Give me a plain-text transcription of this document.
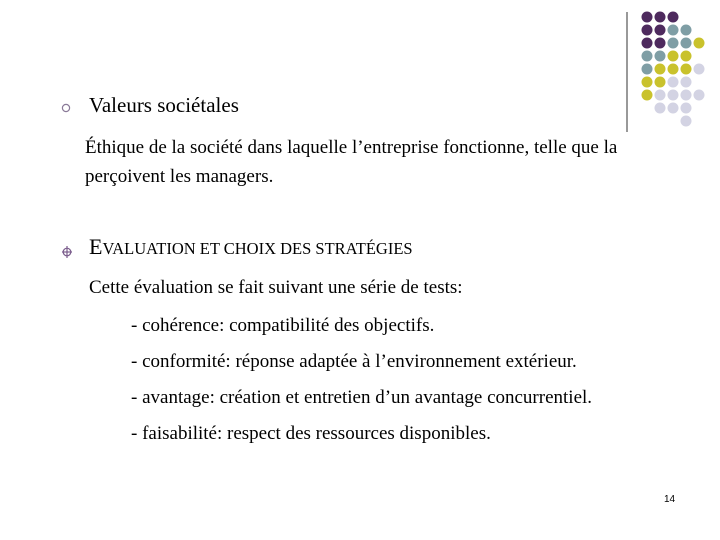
Valeurs sociétales
Éthique de la société dans laquelle l’entreprise fonctionne, telle que la perçoivent les managers.
EVALUATION ET CHOIX DES STRATÉGIES
Cette évaluation se fait suivant une série de tests:
- cohérence: compatibilité des objectifs.
- conformité: réponse adaptée à l’environnement extérieur.
- avantage: création et entretien d’un avantage concurrentiel.
- faisabilité: respect des ressources disponibles.
14
